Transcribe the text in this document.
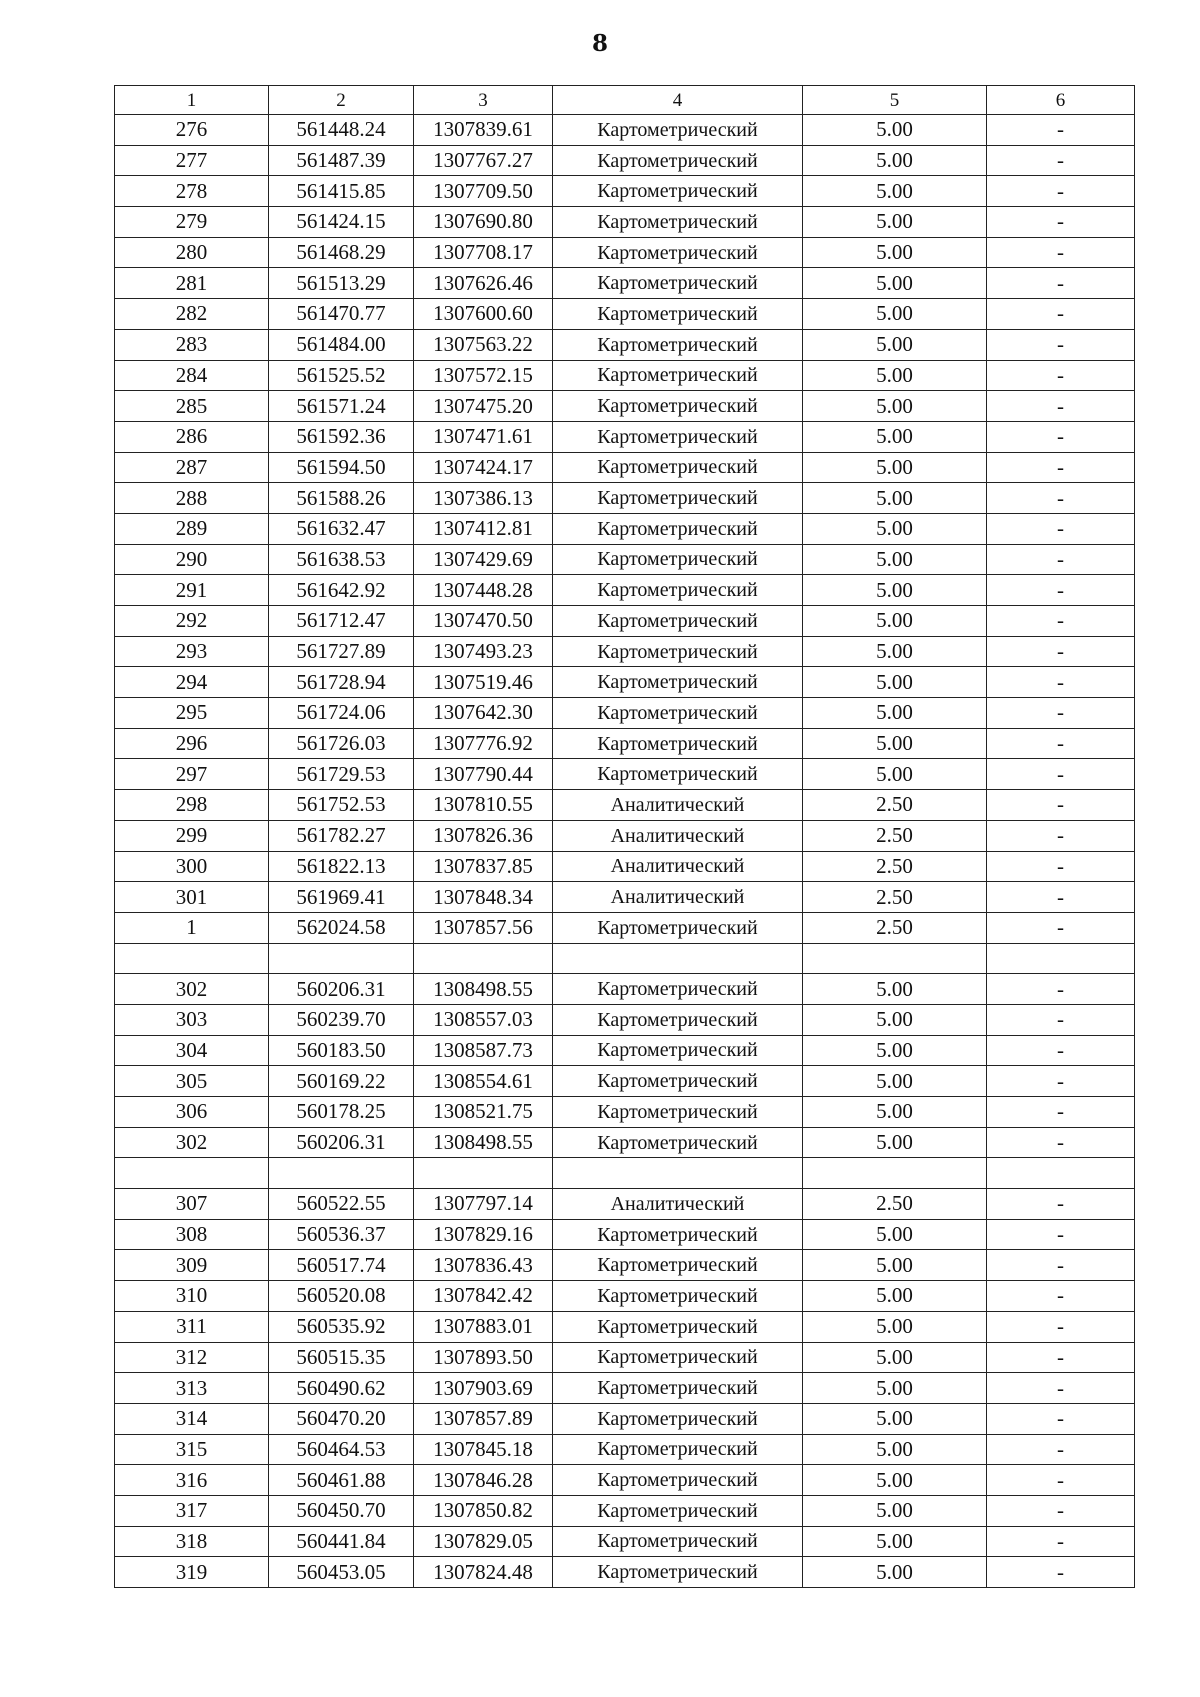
8
1	2	3	4	5	6
276	561448.24	1307839.61	Картометрический	5.00	-
277	561487.39	1307767.27	Картометрический	5.00	-
278	561415.85	1307709.50	Картометрический	5.00	-
279	561424.15	1307690.80	Картометрический	5.00	-
280	561468.29	1307708.17	Картометрический	5.00	-
281	561513.29	1307626.46	Картометрический	5.00	-
282	561470.77	1307600.60	Картометрический	5.00	-
283	561484.00	1307563.22	Картометрический	5.00	-
284	561525.52	1307572.15	Картометрический	5.00	-
285	561571.24	1307475.20	Картометрический	5.00	-
286	561592.36	1307471.61	Картометрический	5.00	-
287	561594.50	1307424.17	Картометрический	5.00	-
288	561588.26	1307386.13	Картометрический	5.00	-
289	561632.47	1307412.81	Картометрический	5.00	-
290	561638.53	1307429.69	Картометрический	5.00	-
291	561642.92	1307448.28	Картометрический	5.00	-
292	561712.47	1307470.50	Картометрический	5.00	-
293	561727.89	1307493.23	Картометрический	5.00	-
294	561728.94	1307519.46	Картометрический	5.00	-
295	561724.06	1307642.30	Картометрический	5.00	-
296	561726.03	1307776.92	Картометрический	5.00	-
297	561729.53	1307790.44	Картометрический	5.00	-
298	561752.53	1307810.55	Аналитический	2.50	-
299	561782.27	1307826.36	Аналитический	2.50	-
300	561822.13	1307837.85	Аналитический	2.50	-
301	561969.41	1307848.34	Аналитический	2.50	-
1	562024.58	1307857.56	Картометрический	2.50	-

302	560206.31	1308498.55	Картометрический	5.00	-
303	560239.70	1308557.03	Картометрический	5.00	-
304	560183.50	1308587.73	Картометрический	5.00	-
305	560169.22	1308554.61	Картометрический	5.00	-
306	560178.25	1308521.75	Картометрический	5.00	-
302	560206.31	1308498.55	Картометрический	5.00	-

307	560522.55	1307797.14	Аналитический	2.50	-
308	560536.37	1307829.16	Картометрический	5.00	-
309	560517.74	1307836.43	Картометрический	5.00	-
310	560520.08	1307842.42	Картометрический	5.00	-
311	560535.92	1307883.01	Картометрический	5.00	-
312	560515.35	1307893.50	Картометрический	5.00	-
313	560490.62	1307903.69	Картометрический	5.00	-
314	560470.20	1307857.89	Картометрический	5.00	-
315	560464.53	1307845.18	Картометрический	5.00	-
316	560461.88	1307846.28	Картометрический	5.00	-
317	560450.70	1307850.82	Картометрический	5.00	-
318	560441.84	1307829.05	Картометрический	5.00	-
319	560453.05	1307824.48	Картометрический	5.00	-
